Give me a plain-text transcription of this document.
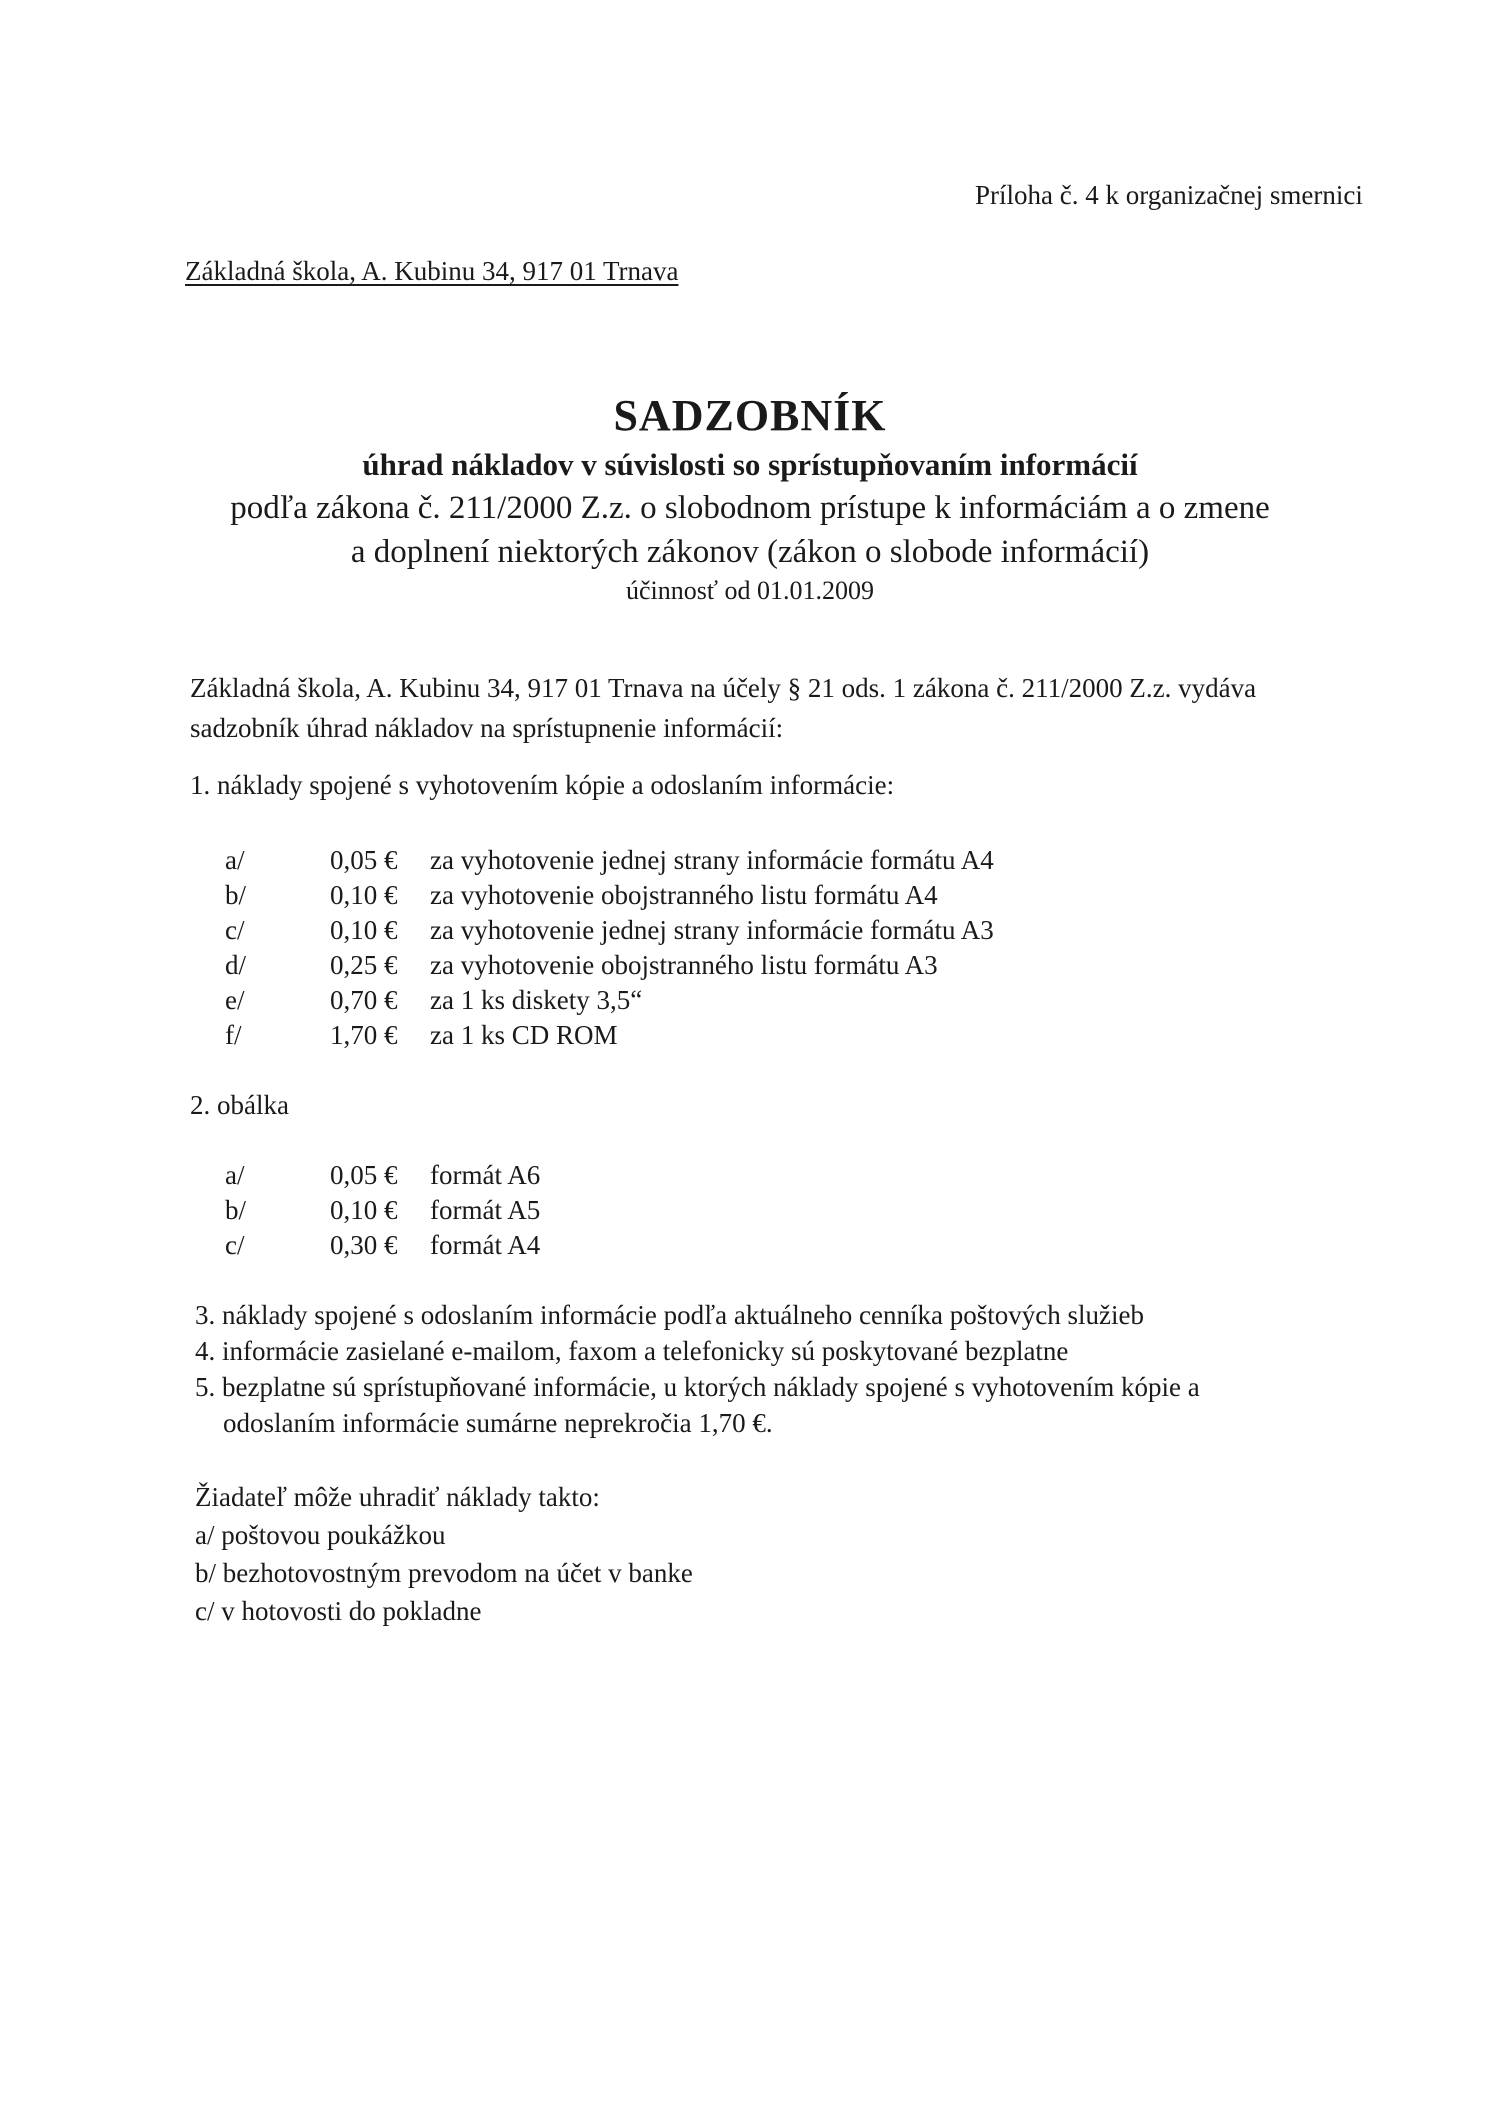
Príloha č. 4 k organizačnej smernici
Základná škola, A. Kubinu 34, 917 01 Trnava

SADZOBNÍK

úhrad nákladov v súvislosti so sprístupňovaním informácií

podľa zákona č. 211/2000 Z.z. o slobodnom prístupe k informáciám a o zmene

a doplnení niektorých zákonov (zákon o slobode informácií)

účinnosť od 01.01.2009

Základná škola, A. Kubinu 34, 917 01 Trnava na účely § 21 ods. 1 zákona č. 211/2000 Z.z. vydáva
sadzobník úhrad nákladov na sprístupnenie informácií:
1. náklady spojené s vyhotovením kópie a odoslaním informácie:
a/	0,05 € za vyhotovenie jednej strany informácie formátu A4
b/	0,10 € za vyhotovenie obojstranného listu formátu A4
c/	0,10 € za vyhotovenie jednej strany informácie formátu A3
d/	0,25 € za vyhotovenie obojstranného listu formátu A3
e/	0,70 € za 1 ks diskety 3,5“
f/	1,70 € za 1 ks CD ROM
2. obálka
a/	0,05 € formát A6
b/	0,10 € formát A5
c/	0,30 € formát A4
3. náklady spojené s odoslaním informácie podľa aktuálneho cenníka poštových služieb
4. informácie zasielané e-mailom, faxom a telefonicky sú poskytované bezplatne
5. bezplatne sú sprístupňované informácie, u ktorých náklady spojené s vyhotovením kópie a
odoslaním informácie sumárne neprekročia 1,70 €.
Žiadateľ môže uhradiť náklady takto:
a/ poštovou poukážkou
b/ bezhotovostným prevodom na účet v banke
c/ v hotovosti do pokladne
